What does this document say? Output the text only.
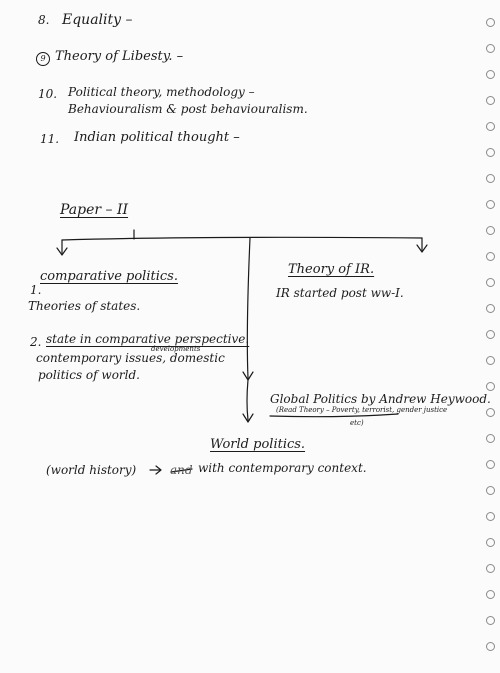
8. Equality –
9 Theory of Libesty. –
10. Political theory, methodology –
Behaviouralism & post behaviouralism.
11. Indian political thought –
Paper – II
1.
comparative politics.
Theories of states.
2. state in comparative perspective.
developments
contemporary issues, domestic
politics of world.
Theory of IR.
IR started post ww-I.
Global Politics by Andrew Heywood.
(Read Theory – Poverty, terrorist, gender justice
etc)
World politics.
(world history)	and with contemporary context.
